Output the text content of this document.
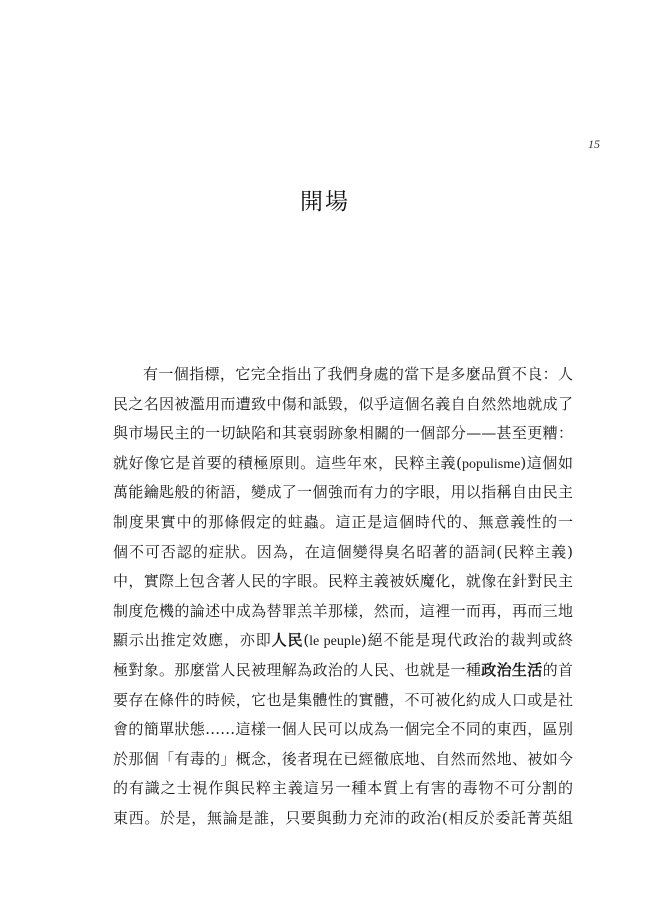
15
開場
有一個指標，它完全指出了我們身處的當下是多麼品質不良：人
民之名因被濫用而遭致中傷和詆毀，似乎這個名義自自然然地就成了
與市場民主的一切缺陷和其衰弱跡象相關的一個部分——甚至更糟：
就好像它是首要的積極原則。這些年來，民粹主義(populisme)這個如
萬能鑰匙般的術語，變成了一個強而有力的字眼，用以指稱自由民主
制度果實中的那條假定的蛀蟲。這正是這個時代的、無意義性的一
個不可否認的症狀。因為，在這個變得臭名昭著的語詞(民粹主義)
中，實際上包含著人民的字眼。民粹主義被妖魔化，就像在針對民主
制度危機的論述中成為替罪羔羊那樣，然而，這裡一而再，再而三地
顯示出推定效應，亦即人民(le peuple)絕不能是現代政治的裁判或終
極對象。那麼當人民被理解為政治的人民、也就是一種政治生活的首
要存在條件的時候，它也是集體性的實體，不可被化約成人口或是社
會的簡單狀態……這樣一個人民可以成為一個完全不同的東西，區別
於那個「有毒的」概念，後者現在已經徹底地、自然而然地、被如今
的有識之士視作與民粹主義這另一種本質上有害的毒物不可分割的
東西。於是，無論是誰，只要與動力充沛的政治(相反於委託菁英組
